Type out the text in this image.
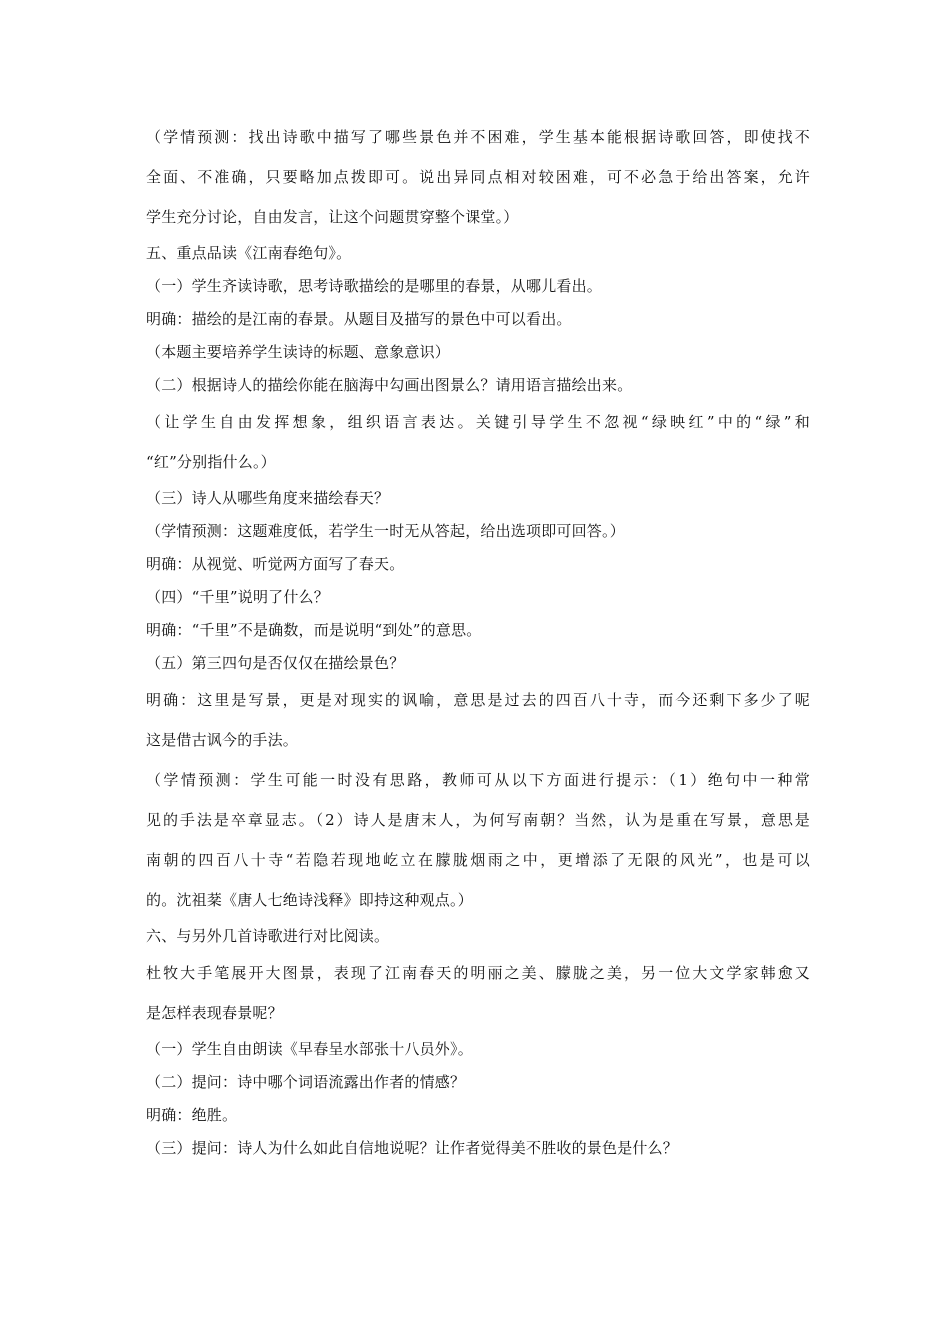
（学情预测：找出诗歌中描写了哪些景色并不困难，学生基本能根据诗歌回答，即使找不
全面、不准确，只要略加点拨即可。说出异同点相对较困难，可不必急于给出答案，允许
学生充分讨论，自由发言，让这个问题贯穿整个课堂。）
五、重点品读《江南春绝句》。
（一）学生齐读诗歌，思考诗歌描绘的是哪里的春景，从哪儿看出。
明确：描绘的是江南的春景。从题目及描写的景色中可以看出。
（本题主要培养学生读诗的标题、意象意识）
（二）根据诗人的描绘你能在脑海中勾画出图景么？请用语言描绘出来。
（让学生自由发挥想象，组织语言表达。关键引导学生不忽视“绿映红”中的“绿”和
“红”分别指什么。）
（三）诗人从哪些角度来描绘春天？
（学情预测：这题难度低，若学生一时无从答起，给出选项即可回答。）
明确：从视觉、听觉两方面写了春天。
（四）“千里”说明了什么？
明确：“千里”不是确数，而是说明“到处”的意思。
（五）第三四句是否仅仅在描绘景色？
明确：这里是写景，更是对现实的讽喻，意思是过去的四百八十寺，而今还剩下多少了呢
这是借古讽今的手法。
（学情预测：学生可能一时没有思路，教师可从以下方面进行提示：（1）绝句中一种常
见的手法是卒章显志。（2）诗人是唐末人，为何写南朝？当然，认为是重在写景，意思是
南朝的四百八十寺“若隐若现地屹立在朦胧烟雨之中，更增添了无限的风光”，也是可以
的。沈祖棻《唐人七绝诗浅释》即持这种观点。）
六、与另外几首诗歌进行对比阅读。
杜牧大手笔展开大图景，表现了江南春天的明丽之美、朦胧之美，另一位大文学家韩愈又
是怎样表现春景呢？
（一）学生自由朗读《早春呈水部张十八员外》。
（二）提问：诗中哪个词语流露出作者的情感？
明确：绝胜。
（三）提问：诗人为什么如此自信地说呢？让作者觉得美不胜收的景色是什么？
